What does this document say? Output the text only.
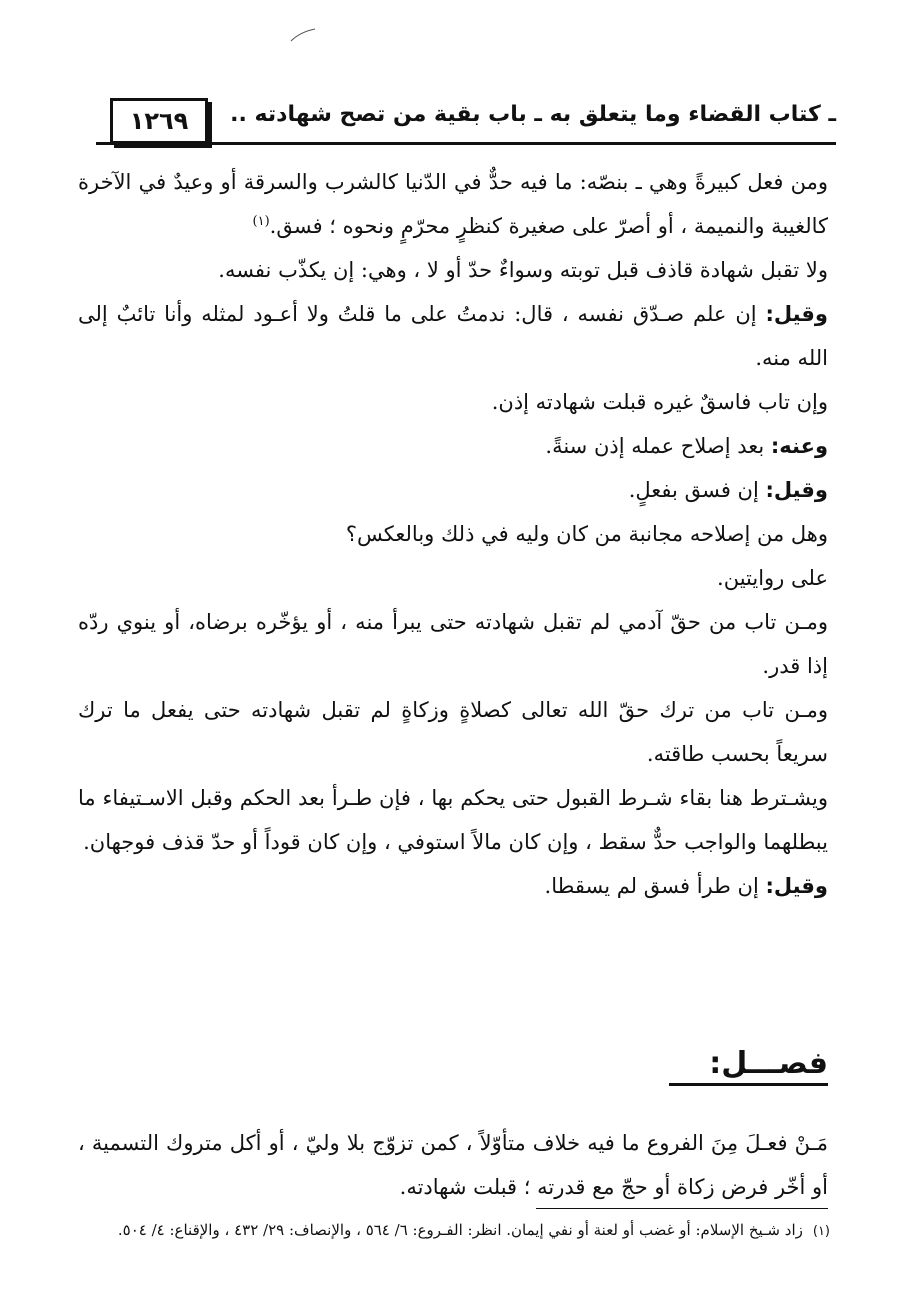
١٢٦٩	ـ كتاب القضاء وما يتعلق به ـ باب بقية من تصح شهادته ..

ومن فعل كبيرةً وهي ـ بنصّه: ما فيه حدٌّ في الدّنيا كالشرب والسرقة أو وعيدٌ في الآخرة كالغيبة والنميمة ، أو أصرّ على صغيرة كنظرٍ محرّمٍ ونحوه ؛ فسق.$^{(١)}$

ولا تقبل شهادة قاذف قبل توبته وسواءٌ حدّ أو لا ، وهي: إن يكذّب نفسه.

وقيل: إن علم صـدّق نفسه ، قال: ندمتُ على ما قلتُ ولا أعـود لمثله وأنا تائبٌ إلى الله منه.

وإن تاب فاسقٌ غيره قبلت شهادته إذن.

وعنه: بعد إصلاح عمله إذن سنةً.

وقيل: إن فسق بفعلٍ.

وهل من إصلاحه مجانبة من كان وليه في ذلك وبالعكس؟

على روايتين.

ومـن تاب من حقّ آدمي لم تقبل شهادته حتى يبرأ منه ، أو يؤخّره برضاه، أو ينوي ردّه إذا قدر.

ومـن تاب من ترك حقّ الله تعالى كصلاةٍ وزكاةٍ لم تقبل شهادته حتى يفعل ما ترك سريعاً بحسب طاقته.

ويشـترط هنا بقاء شـرط القبول حتى يحكم بها ، فإن طـرأ بعد الحكم وقبل الاسـتيفاء ما يبطلهما والواجب حدٌّ سقط ، وإن كان مالاً استوفي ، وإن كان قوداً أو حدّ قذف فوجهان.

وقيل: إن طرأ فسق لم يسقطا.

فصـــل:

مَـنْ فعـلَ مِنَ الفروع ما فيه خلاف متأوّلاً ، كمن تزوّج بلا وليّ ، أو أكل متروك التسمية ، أو أخّر فرض زكاة أو حجّ مع قدرته ؛ قبلت شهادته.

(١)زاد شـيخ الإسلام: أو غضب أو لعنة أو نفي إيمان. انظر: الفـروع: ٦/ ٥٦٤ ، والإنصاف: ٢٩/ ٤٣٢ ، والإقناع: ٤/ ٥٠٤.
